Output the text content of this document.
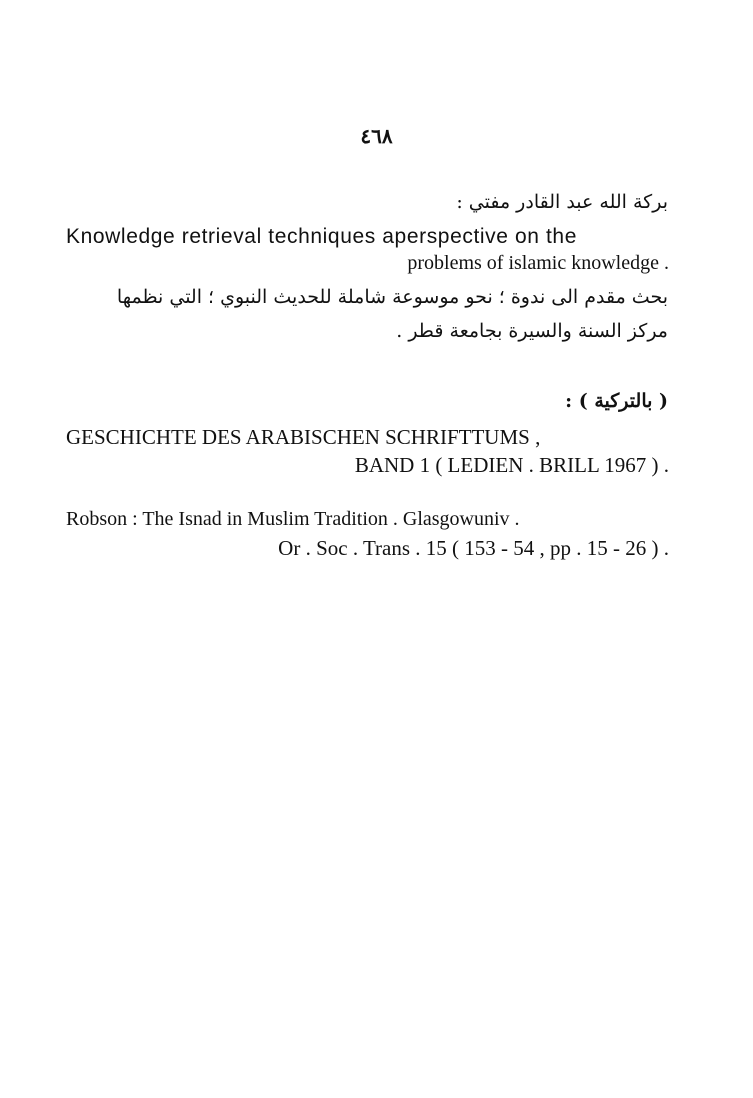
٤٦٨
بركة الله عبد القادر مفتي :
Knowledge retrieval techniques aperspective on the
problems of islamic knowledge .
بحث مقدم الى ندوة ؛ نحو موسوعة شاملة للحديث النبوي ؛ التي نظمها
مركز السنة والسيرة بجامعة قطر .
( بالتركية ) :
GESCHICHTE DES ARABISCHEN SCHRIFTTUMS ,
BAND 1 ( LEDIEN . BRILL 1967 ) .
Robson : The Isnad in Muslim Tradition . Glasgowuniv .
Or . Soc . Trans . 15 ( 153 - 54 , pp . 15 - 26 ) .
